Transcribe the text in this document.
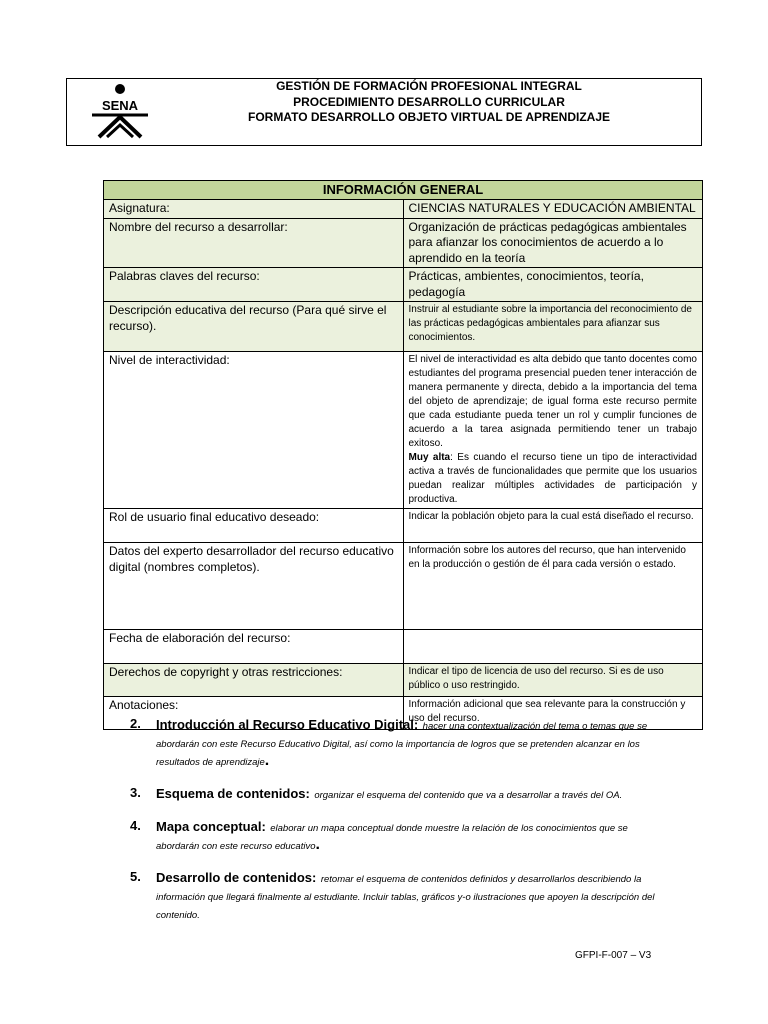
SENA
GESTIÓN DE FORMACIÓN PROFESIONAL INTEGRAL
PROCEDIMIENTO DESARROLLO CURRICULAR
FORMATO DESARROLLO OBJETO VIRTUAL DE APRENDIZAJE
INFORMACIÓN GENERAL	
Asignatura:	CIENCIAS NATURALES Y EDUCACIÓN AMBIENTAL
Nombre del recurso a desarrollar:	Organización de prácticas pedagógicas ambientales para afianzar los conocimientos de acuerdo a lo aprendido en la teoría
Palabras claves del recurso:	Prácticas, ambientes, conocimientos, teoría, pedagogía
Descripción educativa del recurso (Para qué sirve el recurso).	Instruir al estudiante sobre la importancia del reconocimiento de las prácticas pedagógicas ambientales para afianzar sus conocimientos.
Nivel de interactividad:	El nivel de interactividad es alta debido que tanto docentes como estudiantes del programa presencial pueden tener interacción de manera permanente y directa, debido a la importancia del tema del objeto de aprendizaje; de igual forma este recurso permite que cada estudiante pueda tener un rol y cumplir funciones de acuerdo a la tarea asignada permitiendo tener un trabajo exitoso.
Muy alta: Es cuando el recurso tiene un tipo de interactividad activa a través de funcionalidades que permite que los usuarios puedan realizar múltiples actividades de participación y productiva.

Rol de usuario final educativo deseado:	Indicar la población objeto para la cual está diseñado el recurso.
Datos del experto desarrollador del recurso educativo digital (nombres completos).	Información sobre los autores del recurso, que han intervenido en la producción o gestión de él para cada versión o estado.
Fecha de elaboración del recurso:	
Derechos de copyright y otras restricciones:	Indicar el tipo de licencia de uso del recurso. Si es de uso público o uso restringido.
Anotaciones:	Información adicional que sea relevante para la construcción y uso del recurso.
2. Introducción al Recurso Educativo Digital: hacer una contextualización del tema o temas que se abordarán con este Recurso Educativo Digital, así como la importancia de logros que se pretenden alcanzar en los resultados de aprendizaje.
3. Esquema de contenidos: organizar el esquema del contenido que va a desarrollar a través del OA.
4. Mapa conceptual: elaborar un mapa conceptual donde muestre la relación de los conocimientos que se abordarán con este recurso educativo.
5. Desarrollo de contenidos: retomar el esquema de contenidos definidos y desarrollarlos describiendo la información que llegará finalmente al estudiante. Incluir tablas, gráficos y-o ilustraciones que apoyen la descripción del contenido.
GFPI-F-007 – V3
